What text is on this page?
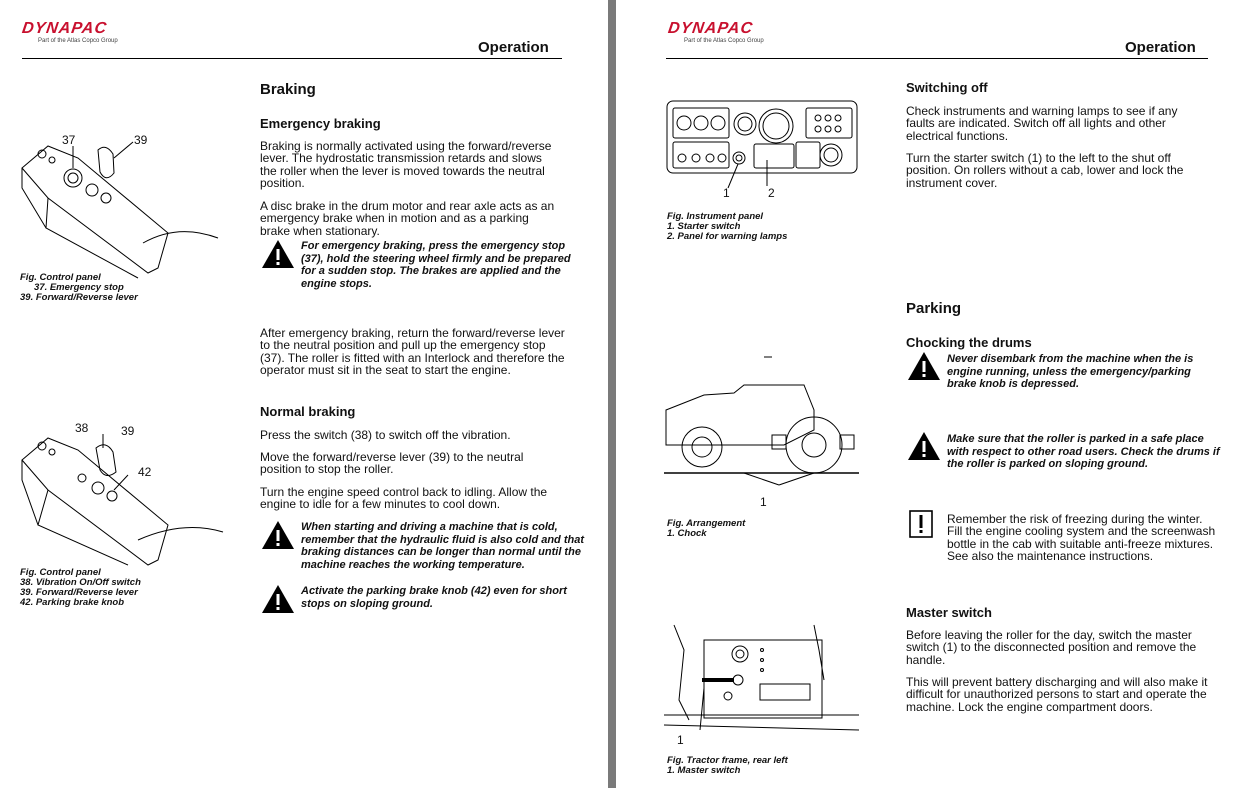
DYNAPAC
Part of the Atlas Copco Group	Operation
Braking
Emergency braking
Braking is normally activated using the forward/reverse lever. The hydrostatic transmission retards and slows the roller when the lever is moved towards the neutral position.
A disc brake in the drum motor and rear axle acts as an emergency brake when in motion and as a parking brake when stationary.
For emergency braking, press the emergency stop (37), hold the steering wheel firmly and be prepared for a sudden stop. The brakes are applied and the engine stops.
After emergency braking, return the forward/reverse lever to the neutral position and pull up the emergency stop (37). The roller is fitted with an Interlock and therefore the operator must sit in the seat to start the engine.
Normal braking
Press the switch (38) to switch off the vibration.
Move the forward/reverse lever (39) to the neutral position to stop the roller.
Turn the engine speed control back to idling. Allow the engine to idle for a few minutes to cool down.
When starting and driving a machine that is cold, remember that the hydraulic fluid is also cold and that braking distances can be longer than normal until the machine reaches the working temperature.
Activate the parking brake knob (42) even for short stops on sloping ground.
37	39
Fig. Control panel
37. Emergency stop
39. Forward/Reverse lever
38	39
42
Fig. Control panel
38. Vibration On/Off switch
39. Forward/Reverse lever
42. Parking brake knob
DYNAPAC
Part of the Atlas Copco Group	Operation
1	2
Fig. Instrument panel
1. Starter switch
2. Panel for warning lamps
Switching off
Check instruments and warning lamps to see if any faults are indicated. Switch off all lights and other electrical functions.
Turn the starter switch (1) to the left to the shut off position. On rollers without a cab, lower and lock the instrument cover.
Parking
Chocking the drums
Never disembark from the machine when the is engine running, unless the emergency/parking brake knob is depressed.
Make sure that the roller is parked in a safe place with respect to other road users. Check the drums if the roller is parked on sloping ground.
Remember the risk of freezing during the winter. Fill the engine cooling system and the screenwash bottle in the cab with suitable anti-freeze mixtures. See also the maintenance instructions.
1
Fig. Arrangement
1. Chock
Master switch
Before leaving the roller for the day, switch the master switch (1) to the disconnected position and remove the handle.
This will prevent battery discharging and will also make it difficult for unauthorized persons to start and operate the machine. Lock the engine compartment doors.
1
Fig. Tractor frame, rear left
1. Master switch
